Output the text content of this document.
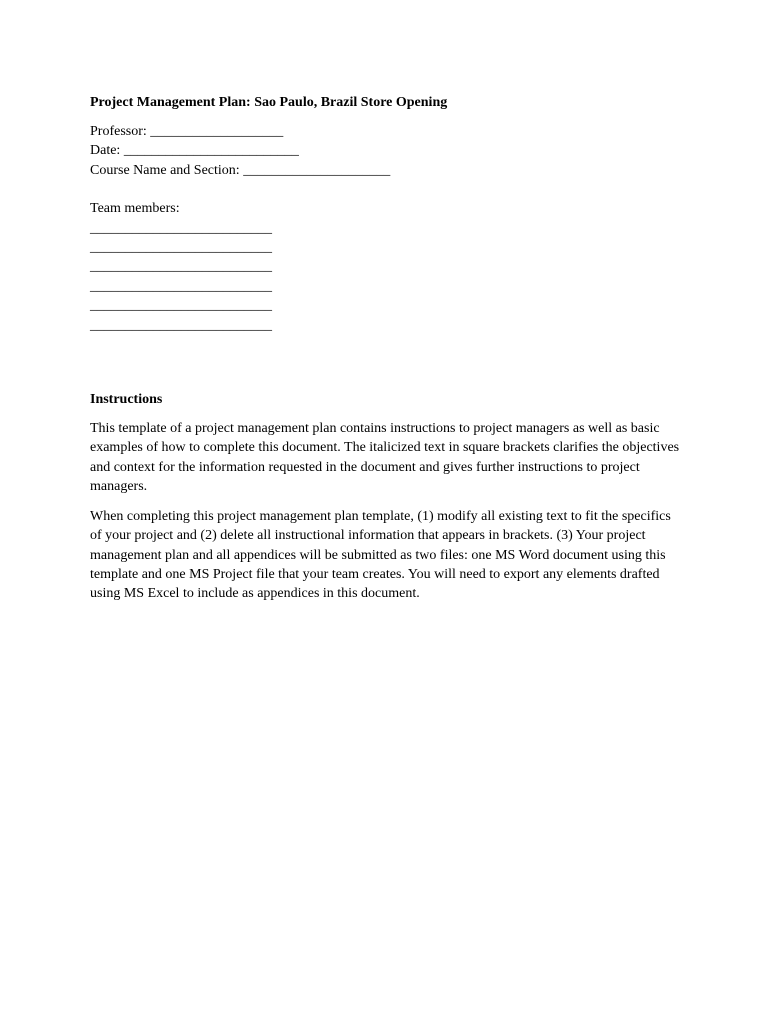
Project Management Plan: Sao Paulo, Brazil Store Opening
Professor: ___________________
Date: _________________________
Course Name and Section: _____________________
Team members:
__________________________
__________________________
__________________________
__________________________
__________________________
__________________________
Instructions

This template of a project management plan contains instructions to project managers as well as basic examples of how to complete this document. The italicized text in square brackets clarifies the objectives and context for the information requested in the document and gives further instructions to project managers.

When completing this project management plan template, (1) modify all existing text to fit the specifics of your project and (2) delete all instructional information that appears in brackets. (3) Your project management plan and all appendices will be submitted as two files: one MS Word document using this template and one MS Project file that your team creates. You will need to export any elements drafted using MS Excel to include as appendices in this document.
